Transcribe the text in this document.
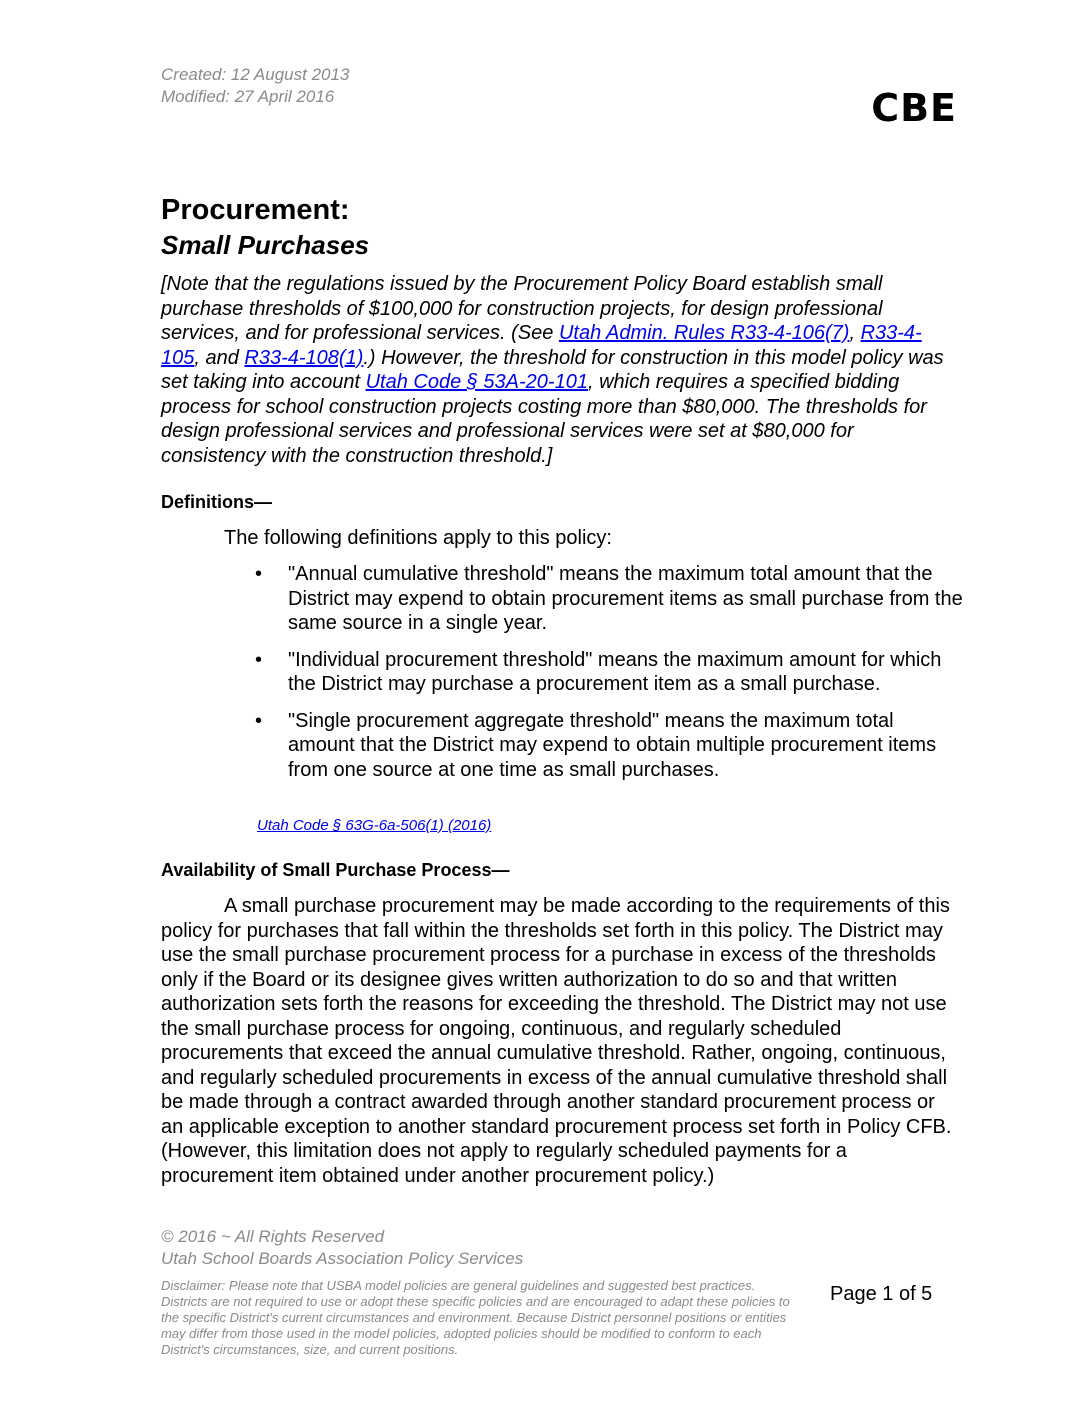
Created: 12 August 2013
Modified: 27 April 2016	CBE
Procurement:
Small Purchases
[Note that the regulations issued by the Procurement Policy Board establish small purchase thresholds of $100,000 for construction projects, for design professional services, and for professional services. (See Utah Admin. Rules R33-4-106(7), R33-4-105, and R33-4-108(1).) However, the threshold for construction in this model policy was set taking into account Utah Code § 53A-20-101, which requires a specified bidding process for school construction projects costing more than $80,000. The thresholds for design professional services and professional services were set at $80,000 for consistency with the construction threshold.]
Definitions—
The following definitions apply to this policy:
• "Annual cumulative threshold" means the maximum total amount that the District may expend to obtain procurement items as small purchase from the same source in a single year.
• "Individual procurement threshold" means the maximum amount for which the District may purchase a procurement item as a small purchase.
• "Single procurement aggregate threshold" means the maximum total amount that the District may expend to obtain multiple procurement items from one source at one time as small purchases.
Utah Code § 63G-6a-506(1) (2016)
Availability of Small Purchase Process—
A small purchase procurement may be made according to the requirements of this policy for purchases that fall within the thresholds set forth in this policy. The District may use the small purchase procurement process for a purchase in excess of the thresholds only if the Board or its designee gives written authorization to do so and that written authorization sets forth the reasons for exceeding the threshold. The District may not use the small purchase process for ongoing, continuous, and regularly scheduled procurements that exceed the annual cumulative threshold. Rather, ongoing, continuous, and regularly scheduled procurements in excess of the annual cumulative threshold shall be made through a contract awarded through another standard procurement process or an applicable exception to another standard procurement process set forth in Policy CFB. (However, this limitation does not apply to regularly scheduled payments for a procurement item obtained under another procurement policy.)
© 2016 ~ All Rights Reserved
Utah School Boards Association Policy Services
Disclaimer: Please note that USBA model policies are general guidelines and suggested best practices. Districts are not required to use or adopt these specific policies and are encouraged to adapt these policies to the specific District's current circumstances and environment. Because District personnel positions or entities may differ from those used in the model policies, adopted policies should be modified to conform to each District's circumstances, size, and current positions.
Page 1 of 5
